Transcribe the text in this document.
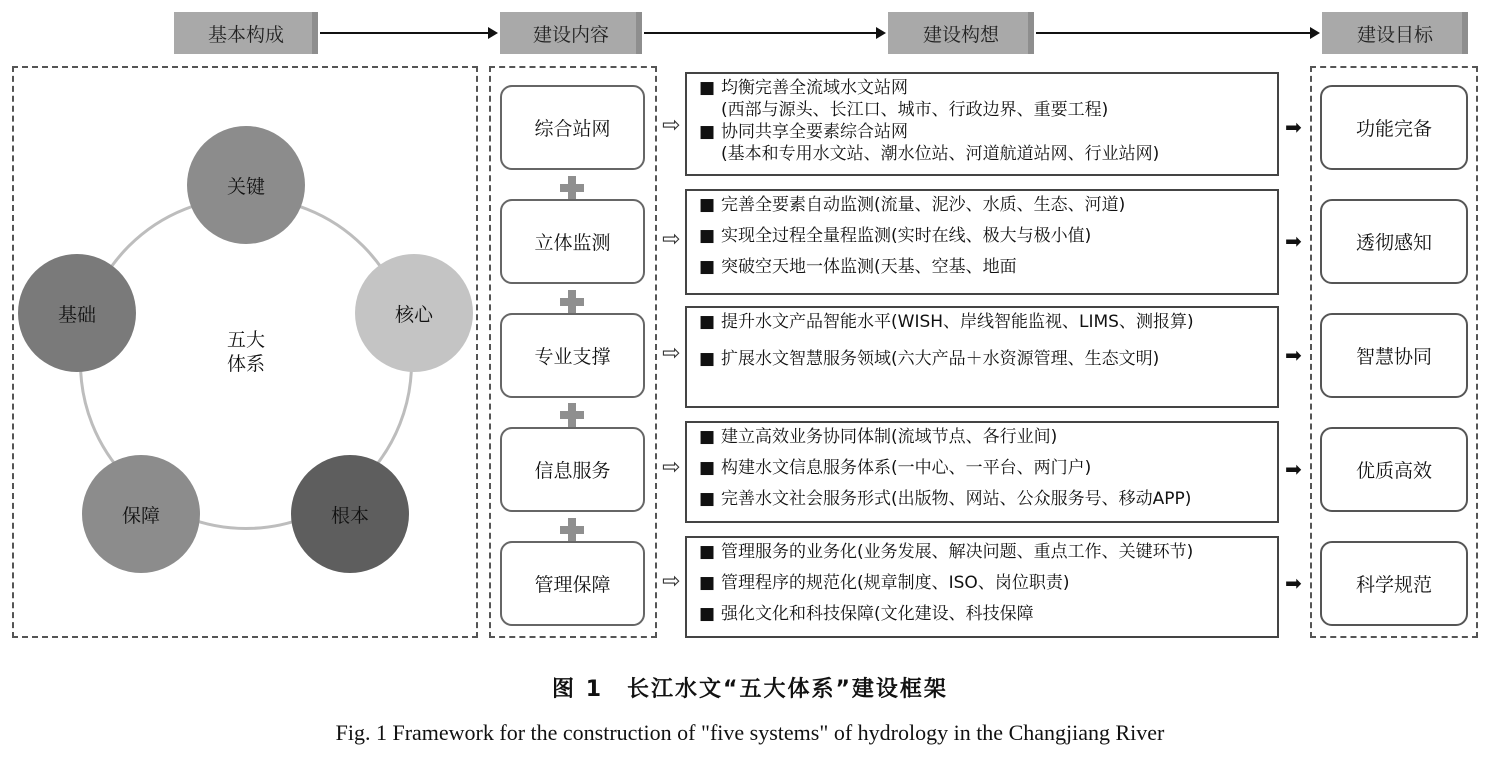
基本构成	建设内容	建设构想	建设目标
五大
体系
关键
核心
根本
保障
基础
综合站网	⇨
■ 均衡完善全流域水文站网
(西部与源头、长江口、城市、行政边界、重要工程)
■ 协同共享全要素综合站网
(基本和专用水文站、潮水位站、河道航道站网、行业站网)
➡	功能完备
立体监测	⇨
■ 完善全要素自动监测(流量、泥沙、水质、生态、河道)
■ 实现全过程全量程监测(实时在线、极大与极小值)
■ 突破空天地一体监测(天基、空基、地面
➡	透彻感知
专业支撑	⇨
■ 提升水文产品智能水平(WISH、岸线智能监视、LIMS、测报算)
■ 扩展水文智慧服务领域(六大产品＋水资源管理、生态文明)	➡	智慧协同
信息服务	⇨
■ 建立高效业务协同体制(流域节点、各行业间)
■ 构建水文信息服务体系(一中心、一平台、两门户)
■ 完善水文社会服务形式(出版物、网站、公众服务号、移动APP)
➡	优质高效
管理保障	⇨
■ 管理服务的业务化(业务发展、解决问题、重点工作、关键环节)
■ 管理程序的规范化(规章制度、ISO、岗位职责)
■ 强化文化和科技保障(文化建设、科技保障
➡	科学规范
图 1　长江水文“五大体系”建设框架
Fig. 1 Framework for the construction of "five systems" of hydrology in the Changjiang River
